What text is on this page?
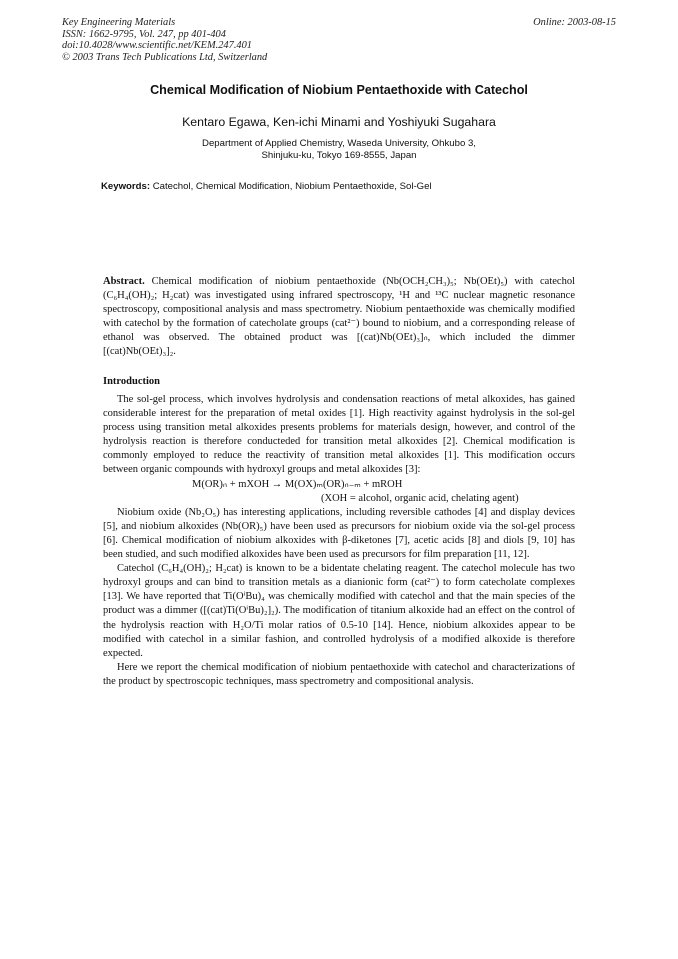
Key Engineering Materials
ISSN: 1662-9795, Vol. 247, pp 401-404
doi:10.4028/www.scientific.net/KEM.247.401
© 2003 Trans Tech Publications Ltd, Switzerland
Online: 2003-08-15
Chemical Modification of Niobium Pentaethoxide with Catechol
Kentaro Egawa, Ken-ichi Minami and Yoshiyuki Sugahara
Department of Applied Chemistry, Waseda University, Ohkubo 3,
Shinjuku-ku, Tokyo 169-8555, Japan
Keywords: Catechol, Chemical Modification, Niobium Pentaethoxide, Sol-Gel

Abstract. Chemical modification of niobium pentaethoxide (Nb(OCH₂CH₃)₅; Nb(OEt)₅) with catechol (C₆H₄(OH)₂; H₂cat) was investigated using infrared spectroscopy, ¹H and ¹³C nuclear magnetic resonance spectroscopy, compositional analysis and mass spectrometry. Niobium pentaethoxide was chemically modified with catechol by the formation of catecholate groups (cat²⁻) bound to niobium, and a corresponding release of ethanol was observed. The obtained product was [(cat)Nb(OEt)₃]ₙ, which included the dimmer [(cat)Nb(OEt)₃]₂.

Introduction

The sol-gel process, which involves hydrolysis and condensation reactions of metal alkoxides, has gained considerable interest for the preparation of metal oxides [1]. High reactivity against hydrolysis in the sol-gel process using transition metal alkoxides presents problems for materials design, however, and control of the hydrolysis reaction is therefore conducteded for transition metal alkoxides [2]. Chemical modification is commonly employed to reduce the reactivity of transition metal alkoxides [1]. This modification occurs between organic compounds with hydroxyl groups and metal alkoxides [3]:

M(OR)ₙ + mXOH → M(OX)ₘ(OR)ₙ₋ₘ + mROH

(XOH = alcohol, organic acid, chelating agent)

Niobium oxide (Nb₂O₅) has interesting applications, including reversible cathodes [4] and display devices [5], and niobium alkoxides (Nb(OR)₅) have been used as precursors for niobium oxide via the sol-gel process [6]. Chemical modification of niobium alkoxides with β-diketones [7], acetic acids [8] and diols [9, 10] has been studied, and such modified alkoxides have been used as precursors for film preparation [11, 12].

Catechol (C₆H₄(OH)₂; H₂cat) is known to be a bidentate chelating reagent. The catechol molecule has two hydroxyl groups and can bind to transition metals as a dianionic form (cat²⁻) to form catecholate complexes [13]. We have reported that Ti(OⁱBu)₄ was chemically modified with catechol and that the main species of the product was a dimmer ([(cat)Ti(OⁱBu)₂]₂). The modification of titanium alkoxide had an effect on the control of the hydrolysis reaction with H₂O/Ti molar ratios of 0.5-10 [14]. Hence, niobium alkoxides appear to be modified with catechol in a similar fashion, and controlled hydrolysis of a modified alkoxide is therefore expected.

Here we report the chemical modification of niobium pentaethoxide with catechol and characterizations of the product by spectroscopic techniques, mass spectrometry and compositional analysis.
